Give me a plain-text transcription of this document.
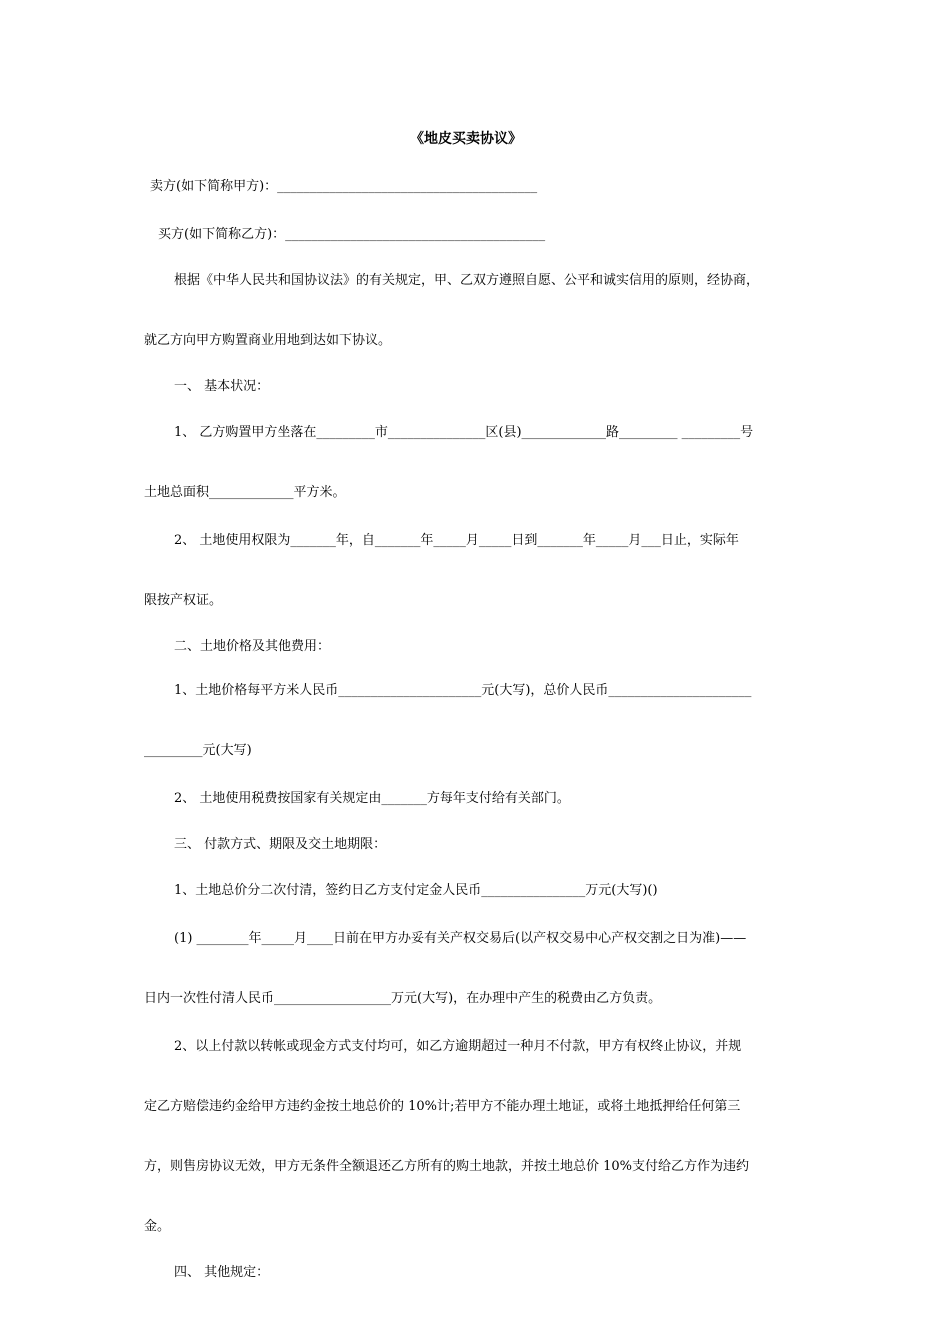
《地皮买卖协议》
卖方(如下简称甲方)：________________________________________
买方(如下简称乙方)：________________________________________
根据《中华人民共和国协议法》的有关规定，甲、乙双方遵照自愿、公平和诚实信用的原则，经协商，
就乙方向甲方购置商业用地到达如下协议。
一、 基本状况：
1、 乙方购置甲方坐落在_________市_______________区(县)_____________路_________ _________号
土地总面积_____________平方米。
2、 土地使用权限为_______年，自_______年_____月_____日到_______年_____月___日止，实际年
限按产权证。
二、土地价格及其他费用：
1、土地价格每平方米人民币______________________元(大写)，总价人民币______________________
_________元(大写)
2、 土地使用税费按国家有关规定由_______方每年支付给有关部门。
三、 付款方式、期限及交土地期限：
1、土地总价分二次付清，签约日乙方支付定金人民币________________万元(大写)()
(1) ________年_____月____日前在甲方办妥有关产权交易后(以产权交易中心产权交割之日为准)——
日内一次性付清人民币__________________万元(大写)，在办理中产生的税费由乙方负责。
2、以上付款以转帐或现金方式支付均可，如乙方逾期超过一种月不付款，甲方有权终止协议，并规
定乙方赔偿违约金给甲方违约金按土地总价的 10%计;若甲方不能办理土地证，或将土地抵押给任何第三
方，则售房协议无效，甲方无条件全额退还乙方所有的购土地款，并按土地总价 10%支付给乙方作为违约
金。
四、 其他规定：
